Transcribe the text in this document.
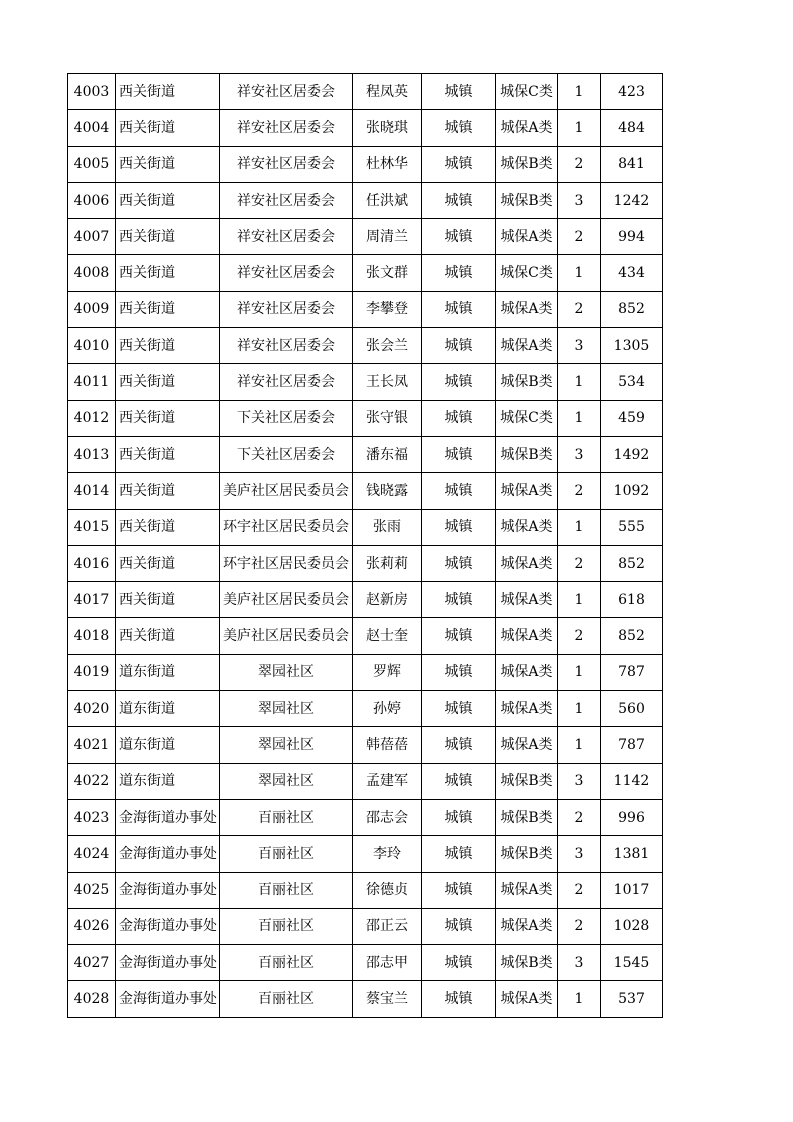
4003	西关街道	祥安社区居委会	程凤英	城镇	城保C类	1	423
4004	西关街道	祥安社区居委会	张晓琪	城镇	城保A类	1	484
4005	西关街道	祥安社区居委会	杜林华	城镇	城保B类	2	841
4006	西关街道	祥安社区居委会	任洪斌	城镇	城保B类	3	1242
4007	西关街道	祥安社区居委会	周清兰	城镇	城保A类	2	994
4008	西关街道	祥安社区居委会	张文群	城镇	城保C类	1	434
4009	西关街道	祥安社区居委会	李攀登	城镇	城保A类	2	852
4010	西关街道	祥安社区居委会	张会兰	城镇	城保A类	3	1305
4011	西关街道	祥安社区居委会	王长凤	城镇	城保B类	1	534
4012	西关街道	下关社区居委会	张守银	城镇	城保C类	1	459
4013	西关街道	下关社区居委会	潘东福	城镇	城保B类	3	1492
4014	西关街道	美庐社区居民委员会	钱晓露	城镇	城保A类	2	1092
4015	西关街道	环宇社区居民委员会	张雨	城镇	城保A类	1	555
4016	西关街道	环宇社区居民委员会	张莉莉	城镇	城保A类	2	852
4017	西关街道	美庐社区居民委员会	赵新房	城镇	城保A类	1	618
4018	西关街道	美庐社区居民委员会	赵士奎	城镇	城保A类	2	852
4019	道东街道	翠园社区	罗辉	城镇	城保A类	1	787
4020	道东街道	翠园社区	孙婷	城镇	城保A类	1	560
4021	道东街道	翠园社区	韩蓓蓓	城镇	城保A类	1	787
4022	道东街道	翠园社区	孟建军	城镇	城保B类	3	1142
4023	金海街道办事处	百丽社区	邵志会	城镇	城保B类	2	996
4024	金海街道办事处	百丽社区	李玲	城镇	城保B类	3	1381
4025	金海街道办事处	百丽社区	徐德贞	城镇	城保A类	2	1017
4026	金海街道办事处	百丽社区	邵正云	城镇	城保A类	2	1028
4027	金海街道办事处	百丽社区	邵志甲	城镇	城保B类	3	1545
4028	金海街道办事处	百丽社区	蔡宝兰	城镇	城保A类	1	537
